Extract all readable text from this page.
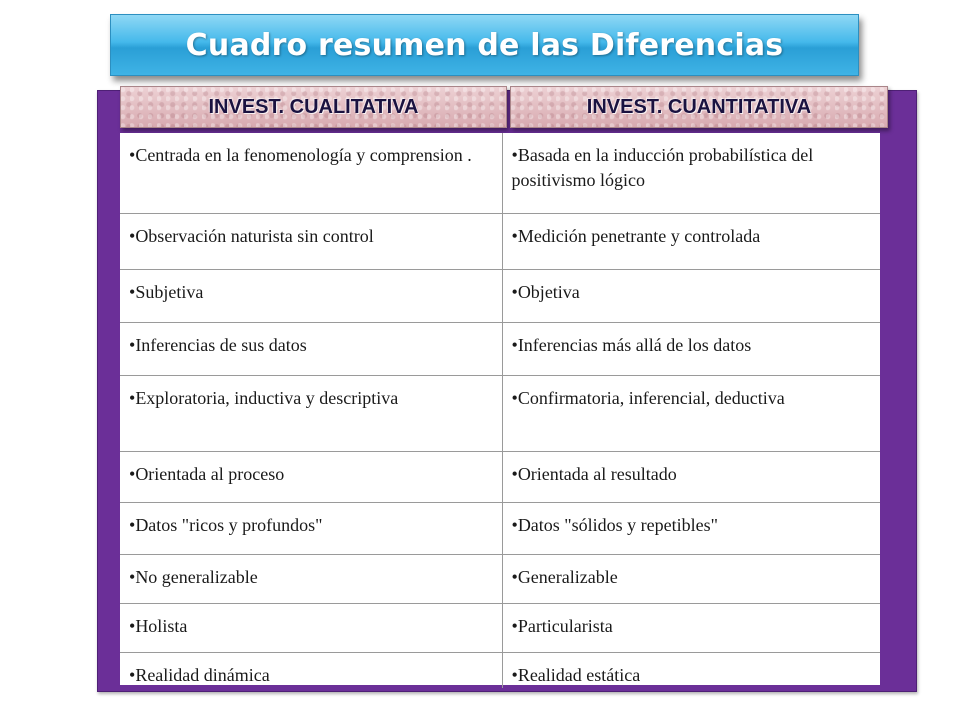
Cuadro resumen de las Diferencias
INVEST. CUALITATIVA	INVEST. CUANTITATIVA
• Centrada en la fenomenología y comprension .	• Basada en la inducción probabilística del positivismo lógico
• Observación naturista sin control	• Medición penetrante y controlada
• Subjetiva	• Objetiva
• Inferencias de sus datos	• Inferencias más allá de los datos
• Exploratoria, inductiva y descriptiva	• Confirmatoria, inferencial, deductiva
• Orientada al proceso	• Orientada al resultado
• Datos "ricos y profundos"	• Datos "sólidos y repetibles"
• No generalizable	• Generalizable
• Holista	• Particularista
• Realidad dinámica	• Realidad estática
